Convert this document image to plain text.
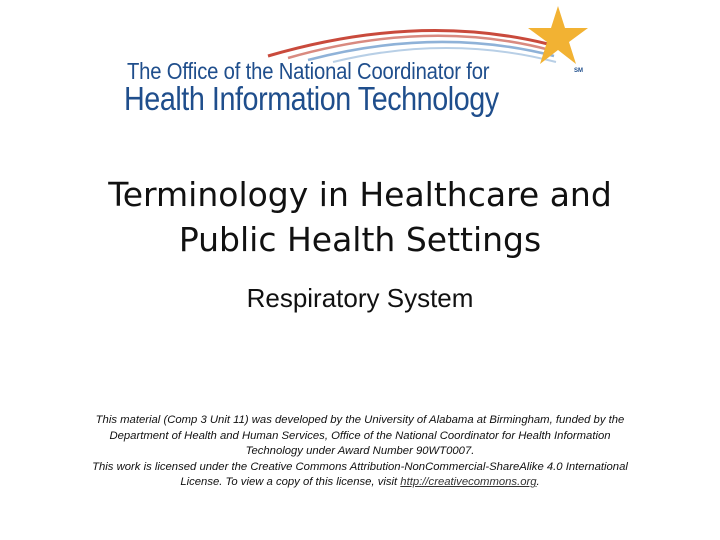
The Office of the National Coordinator for
Health Information Technology
SM
Terminology in Healthcare and
Public Health Settings
Respiratory System
This material (Comp 3 Unit 11) was developed by the University of Alabama at Birmingham, funded by the
Department of Health and Human Services, Office of the National Coordinator for Health Information
Technology under Award Number 90WT0007.
This work is licensed under the Creative Commons Attribution-NonCommercial-ShareAlike 4.0 International
License. To view a copy of this license, visit http://creativecommons.org.
